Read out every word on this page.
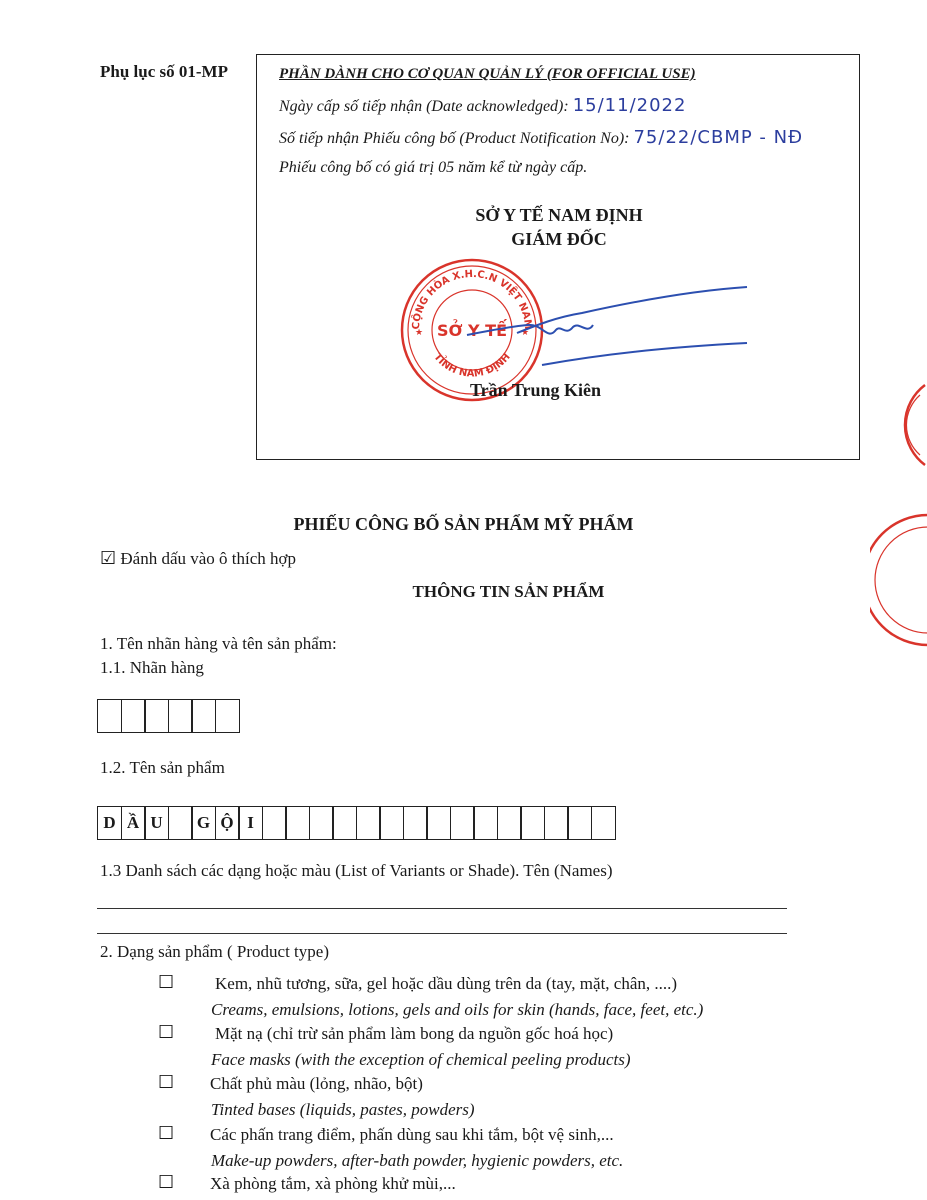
Phụ lục số 01-MP	PHẦN DÀNH CHO CƠ QUAN QUẢN LÝ (FOR OFFICIAL USE)
Ngày cấp số tiếp nhận (Date acknowledged): 15/11/2022
Số tiếp nhận Phiếu công bố (Product Notification No): 75/22/CBMP - NĐ
Phiếu công bố có giá trị 05 năm kể từ ngày cấp.
SỞ Y TẾ NAM ĐỊNH
GIÁM ĐỐC
CỘNG HÒA X.H.C.N VIỆT NAM
TỈNH NAM ĐỊNH
SỞ Y TẾ
★	★
Trần Trung Kiên
PHIẾU CÔNG BỐ SẢN PHẨM MỸ PHẨM
☑ Đánh dấu vào ô thích hợp
THÔNG TIN SẢN PHẨM
1. Tên nhãn hàng và tên sản phẩm:
1.1. Nhãn hàng
1.2. Tên sản phẩm
D Ầ U	G Ộ I
1.3 Danh sách các dạng hoặc màu (List of Variants or Shade). Tên (Names)
2. Dạng sản phẩm ( Product type)
☐ Kem, nhũ tương, sữa, gel hoặc dầu dùng trên da (tay, mặt, chân, ....)
Creams, emulsions, lotions, gels and oils for skin (hands, face, feet, etc.)
☐ Mặt nạ (chỉ trừ sản phẩm làm bong da nguồn gốc hoá học)
Face masks (with the exception of chemical peeling products)
☐ Chất phủ màu (lỏng, nhão, bột)
Tinted bases (liquids, pastes, powders)
☐ Các phấn trang điểm, phấn dùng sau khi tắm, bột vệ sinh,...
Make-up powders, after-bath powder, hygienic powders, etc.
☐ Xà phòng tắm, xà phòng khử mùi,...
